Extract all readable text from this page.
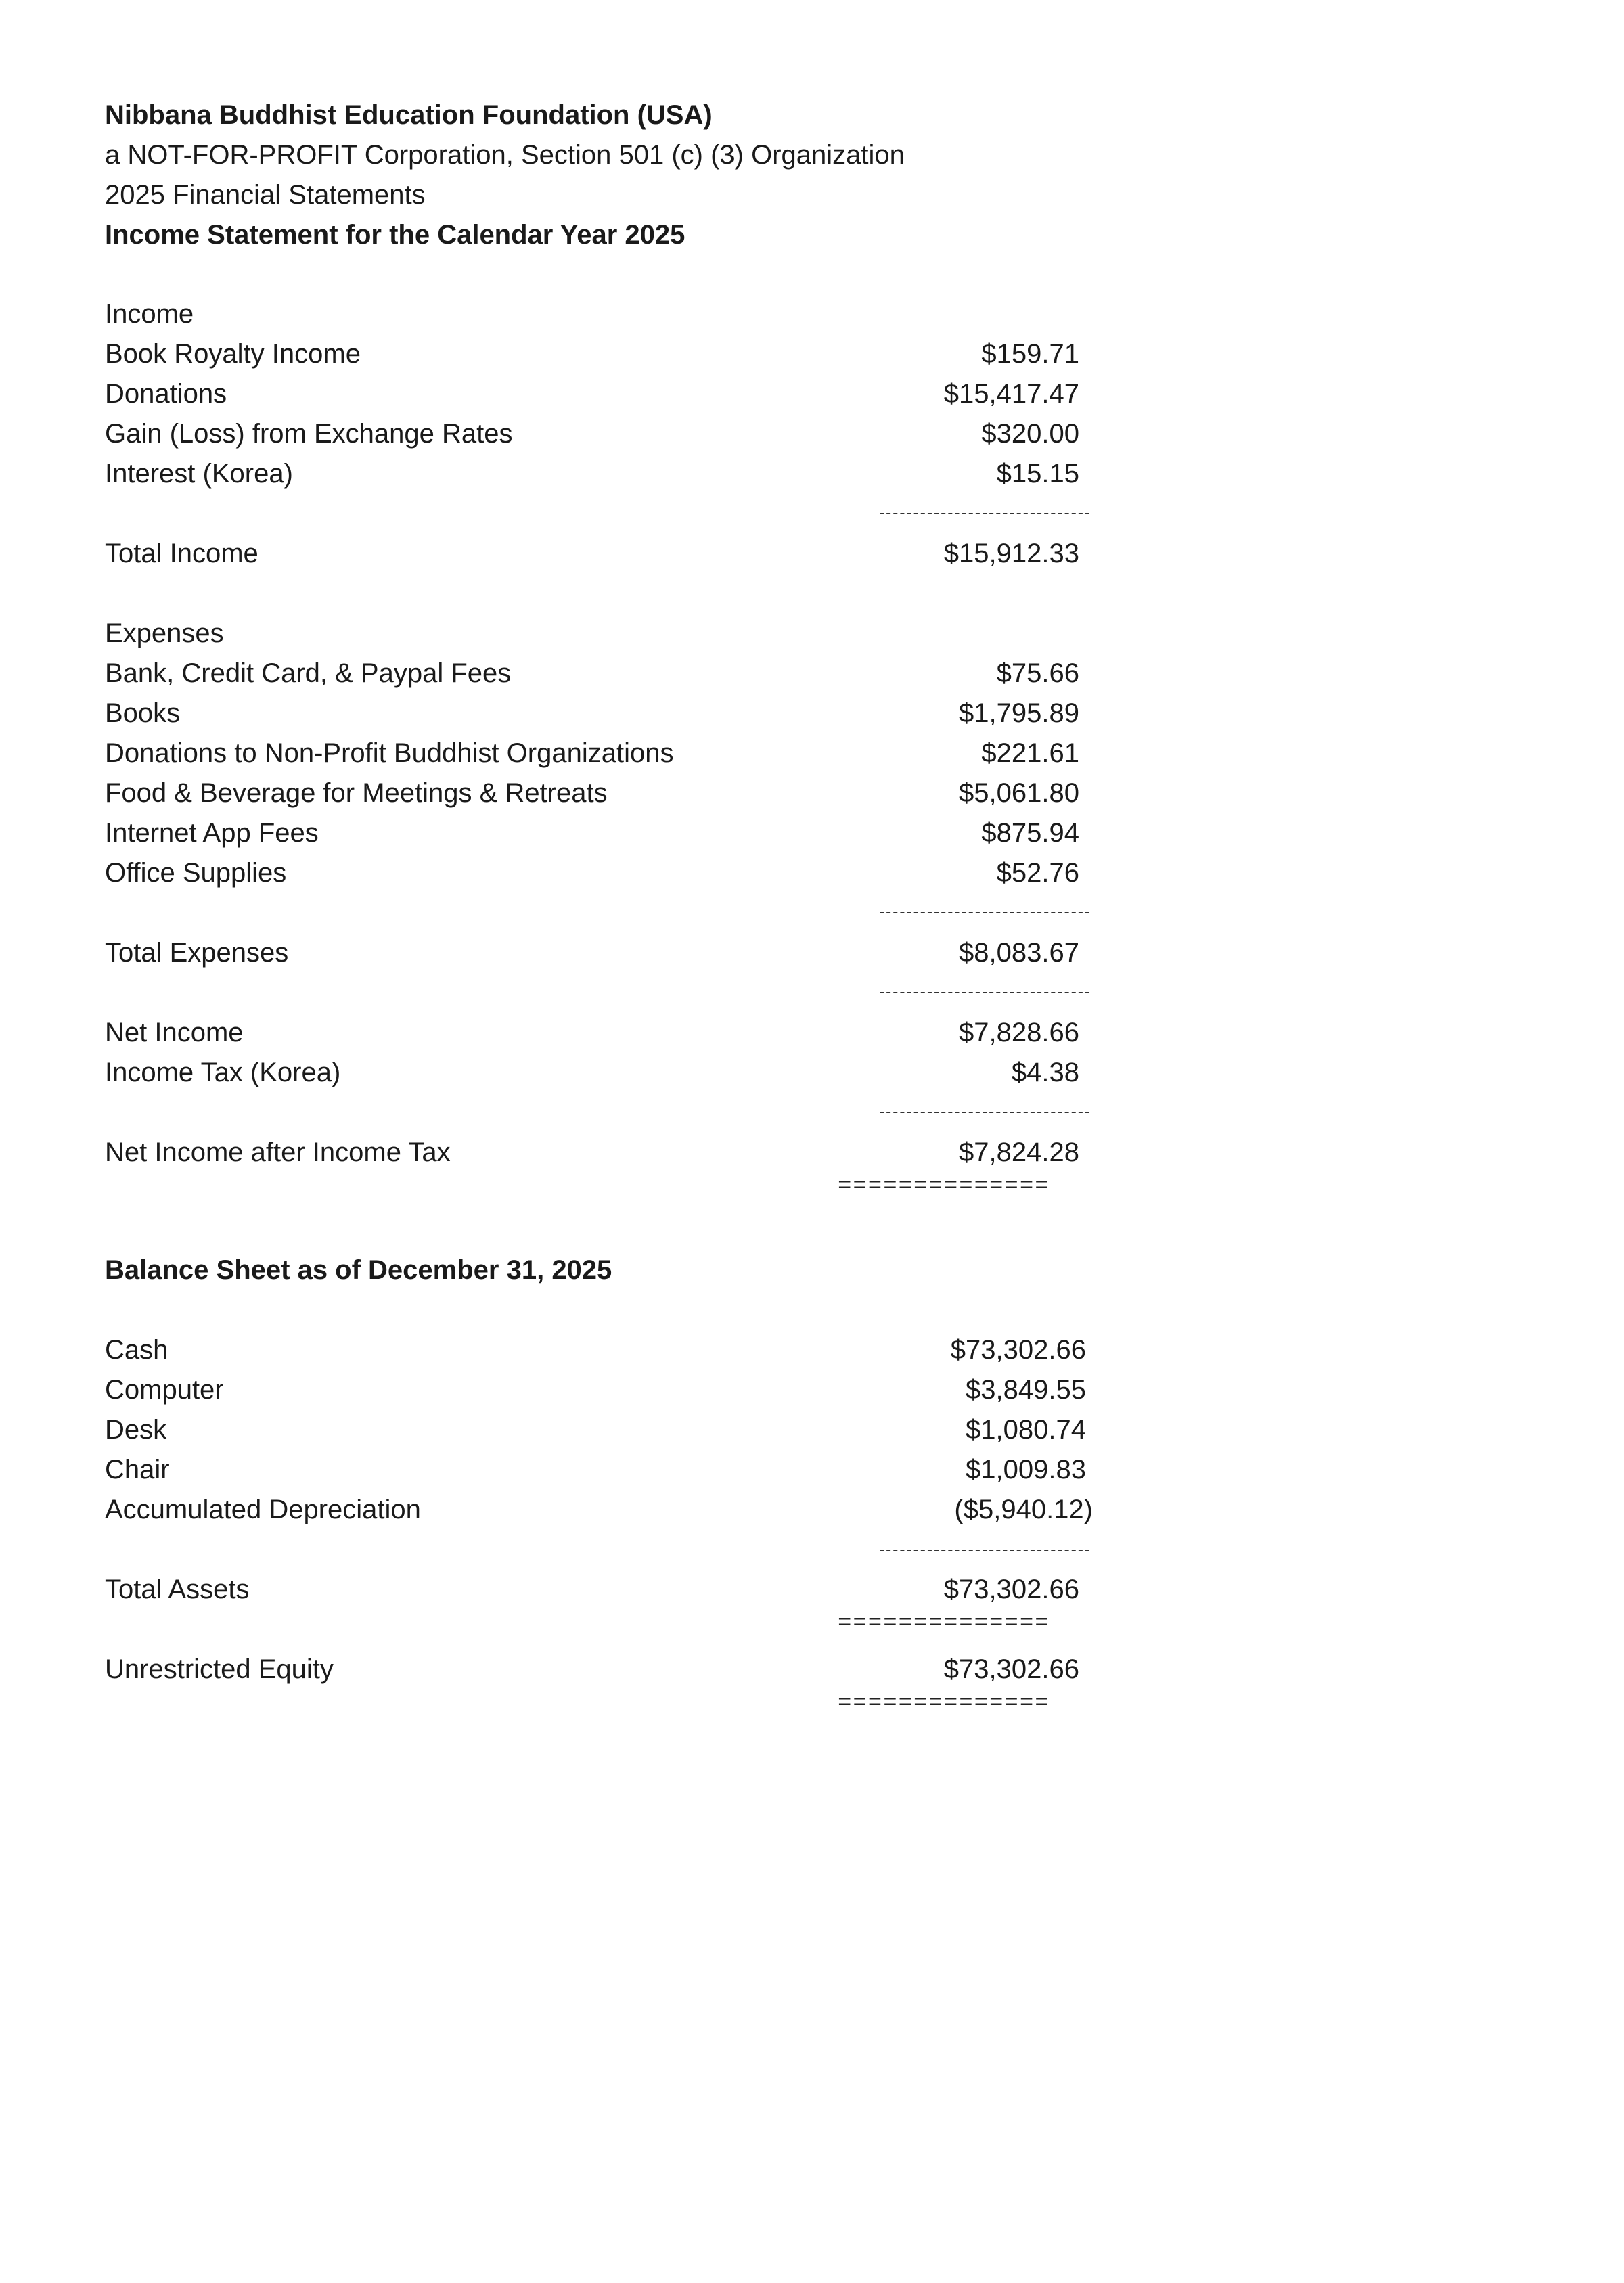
Nibbana Buddhist Education Foundation (USA)
a NOT-FOR-PROFIT Corporation, Section 501 (c) (3) Organization
2025 Financial Statements
Income Statement for the Calendar Year 2025
Income
Book Royalty Income	$159.71
Donations	$15,417.47
Gain (Loss) from Exchange Rates	$320.00
Interest (Korea)	$15.15
Total Income	$15,912.33
Expenses
Bank, Credit Card, & Paypal Fees	$75.66
Books	$1,795.89
Donations to Non-Profit Buddhist Organizations	$221.61
Food & Beverage for Meetings & Retreats	$5,061.80
Internet App Fees	$875.94
Office Supplies	$52.76
Total Expenses	$8,083.67
Net Income	$7,828.66
Income Tax (Korea)	$4.38
Net Income after Income Tax	$7,824.28
==============
Balance Sheet as of December 31, 2025
Cash	$73,302.66
Computer	$3,849.55
Desk	$1,080.74
Chair	$1,009.83
Accumulated Depreciation	($5,940.12)
Total Assets	$73,302.66
==============
Unrestricted Equity	$73,302.66
==============
